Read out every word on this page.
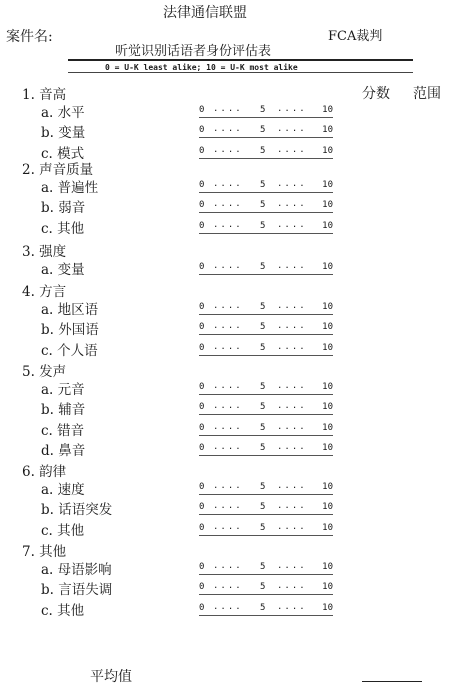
法律通信联盟
案件名:	FCA裁判
听觉识别话语者身份评估表
0 = U-K least alike; 10 = U-K most alike
分数 范围
1. 音高
a. 水平	0 .... 5 .... 10
b. 变量	0 .... 5 .... 10
c. 模式	0 .... 5 .... 10
2. 声音质量
a. 普遍性	0 .... 5 .... 10
b. 弱音	0 .... 5 .... 10
c. 其他	0 .... 5 .... 10
3. 强度
a. 变量	0 .... 5 .... 10
4. 方言
a. 地区语	0 .... 5 .... 10
b. 外国语	0 .... 5 .... 10
c. 个人语	0 .... 5 .... 10
5. 发声
a. 元音	0 .... 5 .... 10
b. 辅音	0 .... 5 .... 10
c. 错音	0 .... 5 .... 10
d. 鼻音	0 .... 5 .... 10
6. 韵律
a. 速度	0 .... 5 .... 10
b. 话语突发	0 .... 5 .... 10
c. 其他	0 .... 5 .... 10
7. 其他
a. 母语影响	0 .... 5 .... 10
b. 言语失调	0 .... 5 .... 10
c. 其他	0 .... 5 .... 10
平均值
